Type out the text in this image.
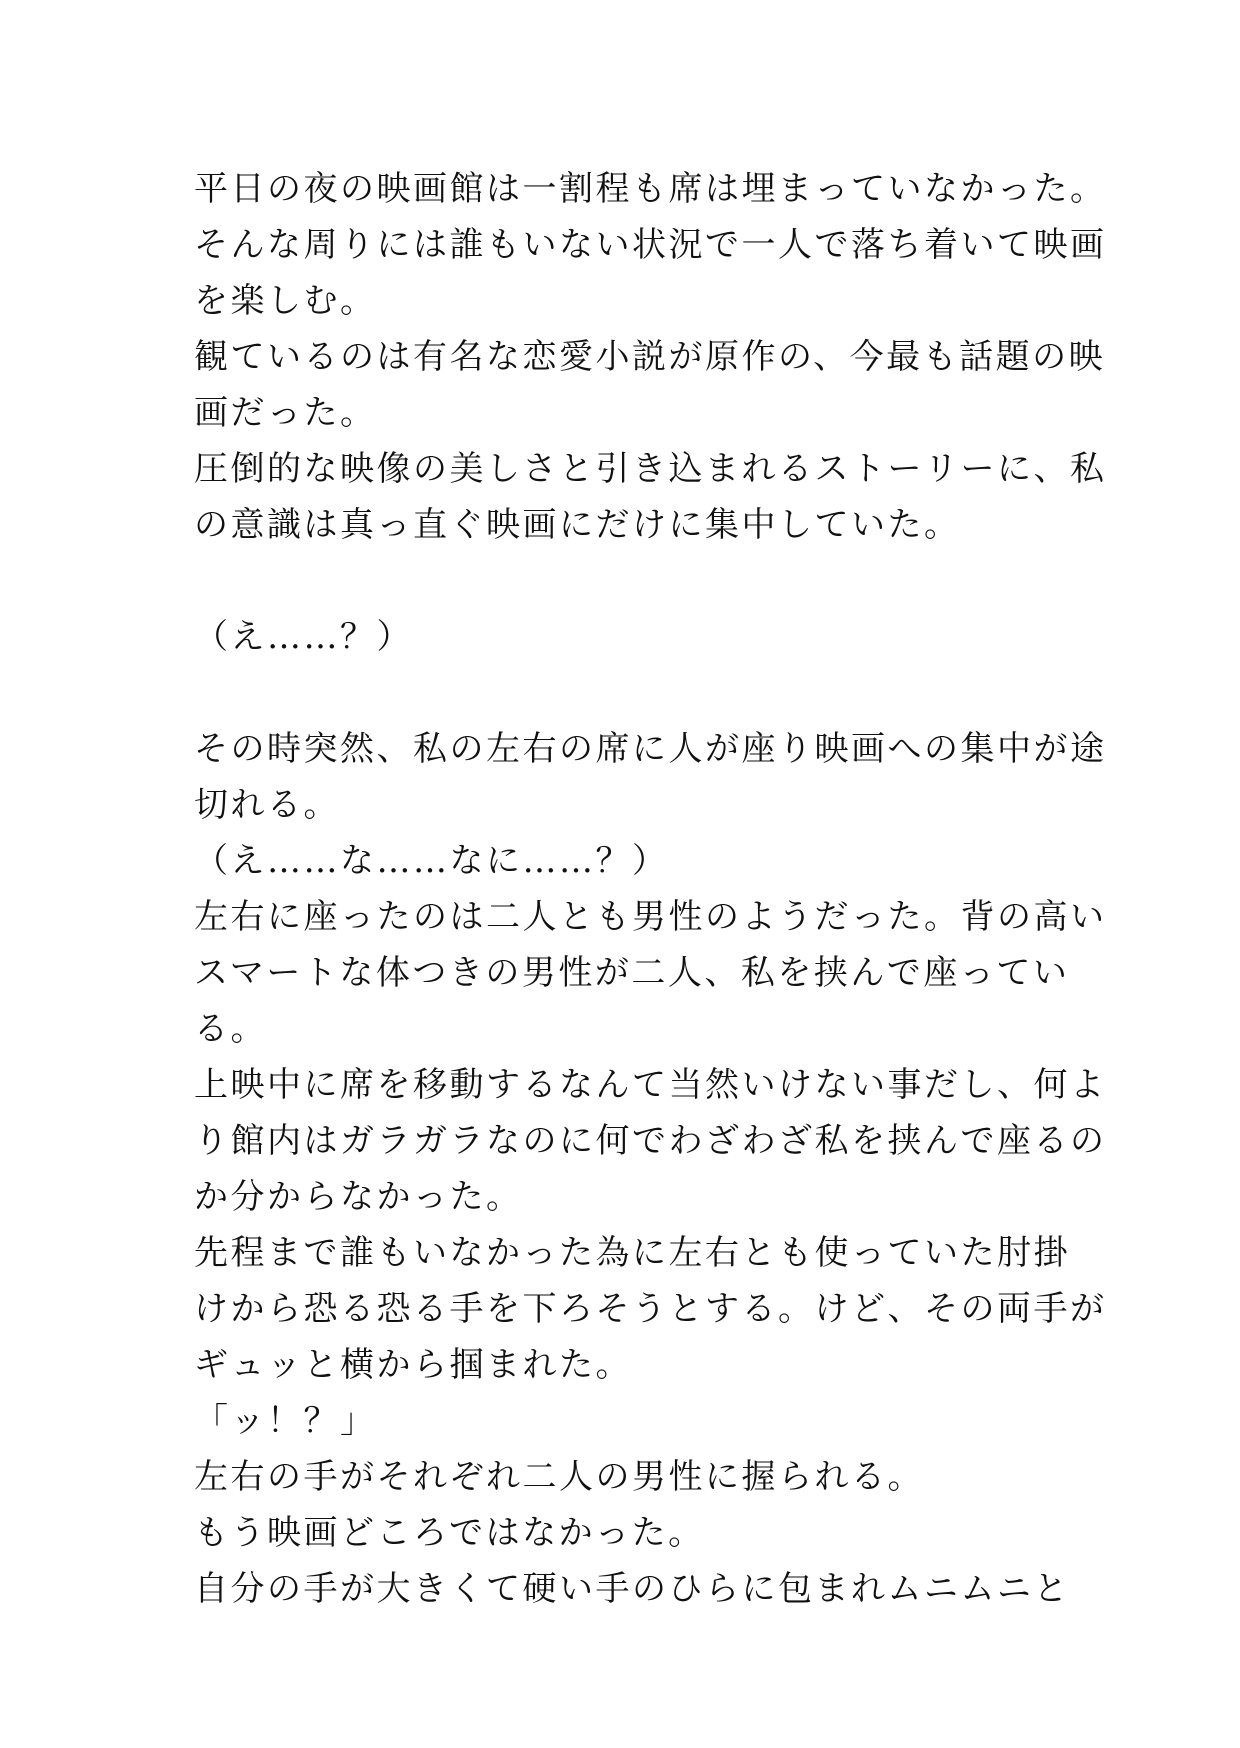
平日の夜の映画館は一割程も席は埋まっていなかった。
そんな周りには誰もいない状況で一人で落ち着いて映画
を楽しむ。
観ているのは有名な恋愛小説が原作の、今最も話題の映
画だった。
圧倒的な映像の美しさと引き込まれるストーリーに、私
の意識は真っ直ぐ映画にだけに集中していた。
（え……？）
その時突然、私の左右の席に人が座り映画への集中が途
切れる。
（え……な……なに……？）
左右に座ったのは二人とも男性のようだった。背の高い
スマートな体つきの男性が二人、私を挟んで座ってい
る。
上映中に席を移動するなんて当然いけない事だし、何よ
り館内はガラガラなのに何でわざわざ私を挟んで座るの
か分からなかった。
先程まで誰もいなかった為に左右とも使っていた肘掛
けから恐る恐る手を下ろそうとする。けど、その両手が
ギュッと横から掴まれた。
「ッ！？」
左右の手がそれぞれ二人の男性に握られる。
もう映画どころではなかった。
自分の手が大きくて硬い手のひらに包まれムニムニと
